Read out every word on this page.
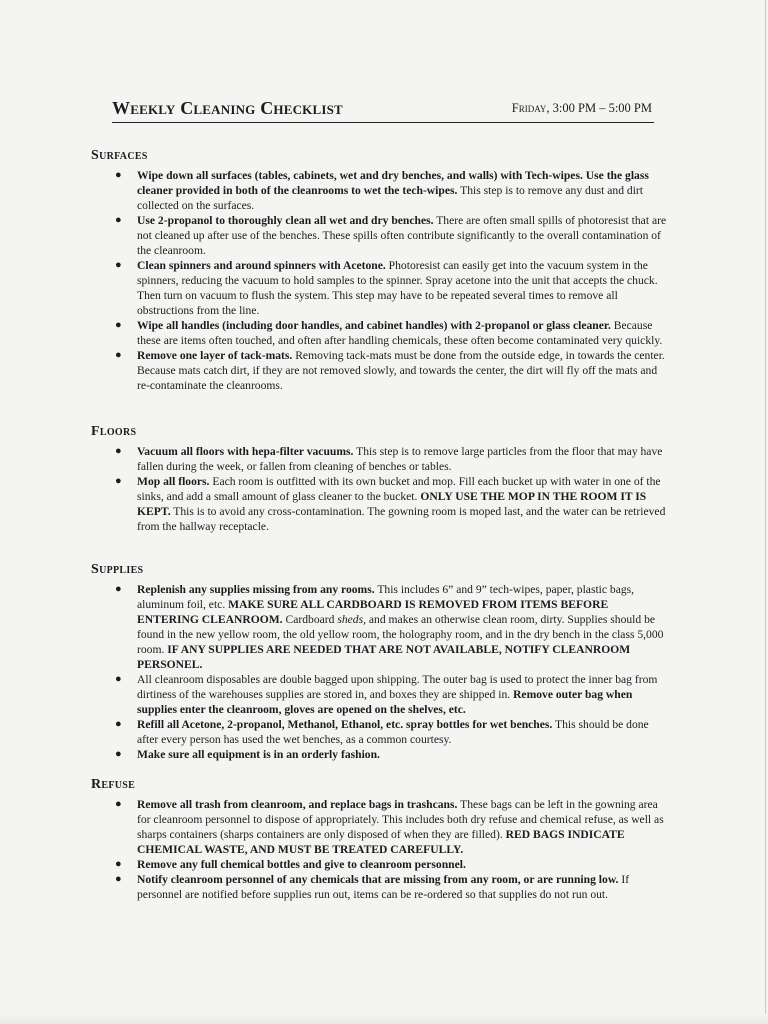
Weekly Cleaning Checklist	Friday, 3:00 PM – 5:00 PM
Surfaces
● Wipe down all surfaces (tables, cabinets, wet and dry benches, and walls) with Tech-wipes. Use the glass cleaner provided in both of the cleanrooms to wet the tech-wipes. This step is to remove any dust and dirt collected on the surfaces.
● Use 2-propanol to thoroughly clean all wet and dry benches. There are often small spills of photoresist that are not cleaned up after use of the benches. These spills often contribute significantly to the overall contamination of the cleanroom.
● Clean spinners and around spinners with Acetone. Photoresist can easily get into the vacuum system in the spinners, reducing the vacuum to hold samples to the spinner. Spray acetone into the unit that accepts the chuck. Then turn on vacuum to flush the system. This step may have to be repeated several times to remove all obstructions from the line.
● Wipe all handles (including door handles, and cabinet handles) with 2-propanol or glass cleaner. Because these are items often touched, and often after handling chemicals, these often become contaminated very quickly.
● Remove one layer of tack-mats. Removing tack-mats must be done from the outside edge, in towards the center. Because mats catch dirt, if they are not removed slowly, and towards the center, the dirt will fly off the mats and re-contaminate the cleanrooms.
Floors
● Vacuum all floors with hepa-filter vacuums. This step is to remove large particles from the floor that may have fallen during the week, or fallen from cleaning of benches or tables.
● Mop all floors. Each room is outfitted with its own bucket and mop. Fill each bucket up with water in one of the sinks, and add a small amount of glass cleaner to the bucket. ONLY USE THE MOP IN THE ROOM IT IS KEPT. This is to avoid any cross-contamination. The gowning room is moped last, and the water can be retrieved from the hallway receptacle.
Supplies
● Replenish any supplies missing from any rooms. This includes 6” and 9” tech-wipes, paper, plastic bags, aluminum foil, etc. MAKE SURE ALL CARDBOARD IS REMOVED FROM ITEMS BEFORE ENTERING CLEANROOM. Cardboard sheds, and makes an otherwise clean room, dirty. Supplies should be found in the new yellow room, the old yellow room, the holography room, and in the dry bench in the class 5,000 room. IF ANY SUPPLIES ARE NEEDED THAT ARE NOT AVAILABLE, NOTIFY CLEANROOM PERSONEL.
● All cleanroom disposables are double bagged upon shipping. The outer bag is used to protect the inner bag from dirtiness of the warehouses supplies are stored in, and boxes they are shipped in. Remove outer bag when supplies enter the cleanroom, gloves are opened on the shelves, etc.
● Refill all Acetone, 2-propanol, Methanol, Ethanol, etc. spray bottles for wet benches. This should be done after every person has used the wet benches, as a common courtesy.
● Make sure all equipment is in an orderly fashion.
Refuse
● Remove all trash from cleanroom, and replace bags in trashcans. These bags can be left in the gowning area for cleanroom personnel to dispose of appropriately. This includes both dry refuse and chemical refuse, as well as sharps containers (sharps containers are only disposed of when they are filled). RED BAGS INDICATE CHEMICAL WASTE, AND MUST BE TREATED CAREFULLY.
● Remove any full chemical bottles and give to cleanroom personnel.
● Notify cleanroom personnel of any chemicals that are missing from any room, or are running low. If personnel are notified before supplies run out, items can be re-ordered so that supplies do not run out.
